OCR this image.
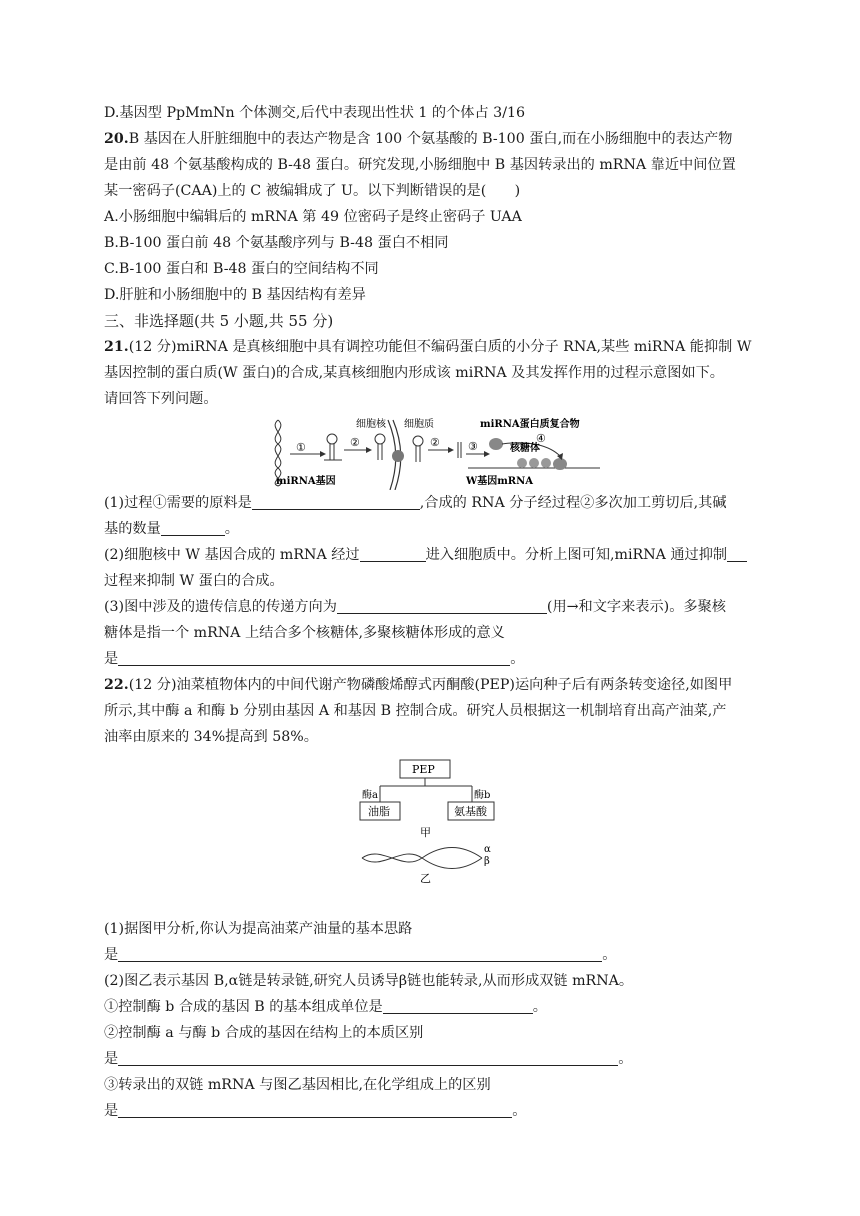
D.基因型 PpMmNn 个体测交,后代中表现出性状 1 的个体占 3/16
20.B 基因在人肝脏细胞中的表达产物是含 100 个氨基酸的 B-100 蛋白,而在小肠细胞中的表达产物
是由前 48 个氨基酸构成的 B-48 蛋白。研究发现,小肠细胞中 B 基因转录出的 mRNA 靠近中间位置
某一密码子(CAA)上的 C 被编辑成了 U。以下判断错误的是(　　)
A.小肠细胞中编辑后的 mRNA 第 49 位密码子是终止密码子 UAA
B.B-100 蛋白前 48 个氨基酸序列与 B-48 蛋白不相同
C.B-100 蛋白和 B-48 蛋白的空间结构不同
D.肝脏和小肠细胞中的 B 基因结构有差异
三、非选择题(共 5 小题,共 55 分)
21.(12 分)miRNA 是真核细胞中具有调控功能但不编码蛋白质的小分子 RNA,某些 miRNA 能抑制 W
基因控制的蛋白质(W 蛋白)的合成,某真核细胞内形成该 miRNA 及其发挥作用的过程示意图如下。
请回答下列问题。
①	②
细胞核 细胞质
②	③
miRNA蛋白质复合物
④
核糖体
miRNA基因	W基因mRNA
(1)过程①需要的原料是	,合成的 RNA 分子经过程②多次加工剪切后,其碱
基的数量	。
(2)细胞核中 W 基因合成的 mRNA 经过	进入细胞质中。分析上图可知,miRNA 通过抑制
过程来抑制 W 蛋白的合成。
(3)图中涉及的遗传信息的传递方向为	(用→和文字来表示)。多聚核
糖体是指一个 mRNA 上结合多个核糖体,多聚核糖体形成的意义
是	。
22.(12 分)油菜植物体内的中间代谢产物磷酸烯醇式丙酮酸(PEP)运向种子后有两条转变途径,如图甲
所示,其中酶 a 和酶 b 分别由基因 A 和基因 B 控制合成。研究人员根据这一机制培育出高产油菜,产
油率由原来的 34%提高到 58%。
PEP
酶a	酶b
油脂	氨基酸
甲
α
β
乙
(1)据图甲分析,你认为提高油菜产油量的基本思路
是	。
(2)图乙表示基因 B,α链是转录链,研究人员诱导β链也能转录,从而形成双链 mRNA。
①控制酶 b 合成的基因 B 的基本组成单位是	。
②控制酶 a 与酶 b 合成的基因在结构上的本质区别
是	。
③转录出的双链 mRNA 与图乙基因相比,在化学组成上的区别
是	。
